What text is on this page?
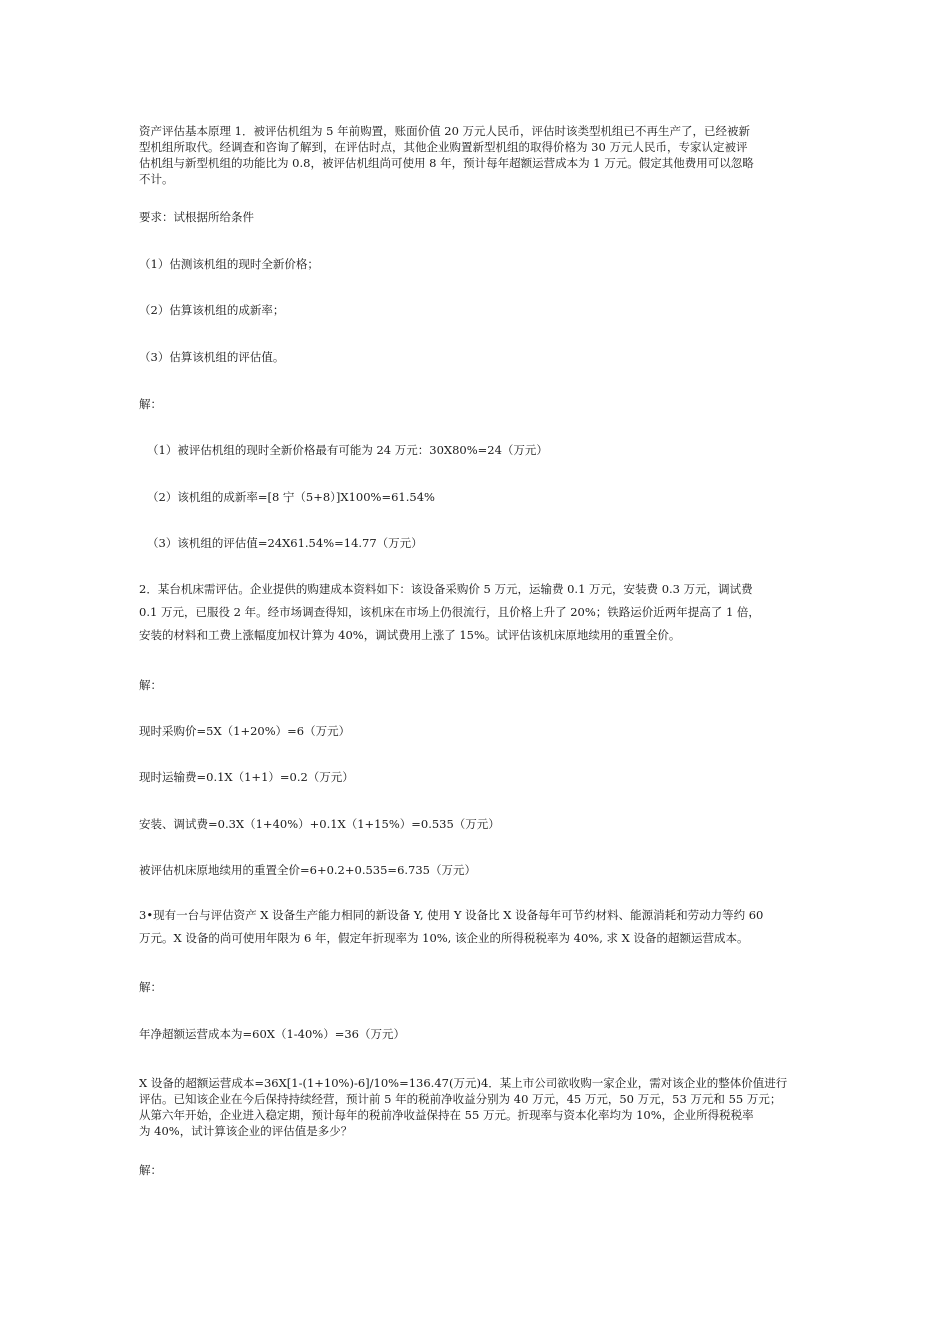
资产评估基本原理 1．被评估机组为 5 年前购置，账面价值 20 万元人民币，评估时该类型机组已不再生产了，已经被新
型机组所取代。经调查和咨询了解到，在评估时点，其他企业购置新型机组的取得价格为 30 万元人民币，专家认定被评
估机组与新型机组的功能比为 0.8，被评估机组尚可使用 8 年，预计每年超额运营成本为 1 万元。假定其他费用可以忽略
不计。
要求：试根据所给条件
（1）估测该机组的现时全新价格；
（2）估算该机组的成新率；
（3）估算该机组的评估值。
解：
（1）被评估机组的现时全新价格最有可能为 24 万元：30X80%=24（万元）
（2）该机组的成新率=[8 宁（5+8）]X100%=61.54%
（3）该机组的评估值=24X61.54%=14.77（万元）
2．某台机床需评估。企业提供的购建成本资料如下：该设备采购价 5 万元，运输费 0.1 万元，安装费 0.3 万元，调试费
0.1 万元，已服役 2 年。经市场调查得知，该机床在市场上仍很流行，且价格上升了 20%；铁路运价近两年提高了 1 倍，
安装的材料和工费上涨幅度加权计算为 40%，调试费用上涨了 15%。试评估该机床原地续用的重置全价。
解：
现时采购价=5X（1+20%）=6（万元）
现时运输费=0.1X（1+1）=0.2（万元）
安装、调试费=0.3X（1+40%）+0.1X（1+15%）=0.535（万元）
被评估机床原地续用的重置全价=6+0.2+0.535=6.735（万元）
3•现有一台与评估资产 X 设备生产能力相同的新设备 Y, 使用 Y 设备比 X 设备每年可节约材料、能源消耗和劳动力等约 60
万元。X 设备的尚可使用年限为 6 年，假定年折现率为 10%, 该企业的所得税税率为 40%, 求 X 设备的超额运营成本。
解：
年净超额运营成本为=60X（1-40%）=36（万元）
X 设备的超额运营成本=36X[1-(1+10%)-6]/10%=136.47(万元)4．某上市公司欲收购一家企业，需对该企业的整体价值进行
评估。已知该企业在今后保持持续经营，预计前 5 年的税前净收益分别为 40 万元，45 万元，50 万元，53 万元和 55 万元；
从第六年开始，企业进入稳定期，预计每年的税前净收益保持在 55 万元。折现率与资本化率均为 10%，企业所得税税率
为 40%，试计算该企业的评估值是多少？
解：
